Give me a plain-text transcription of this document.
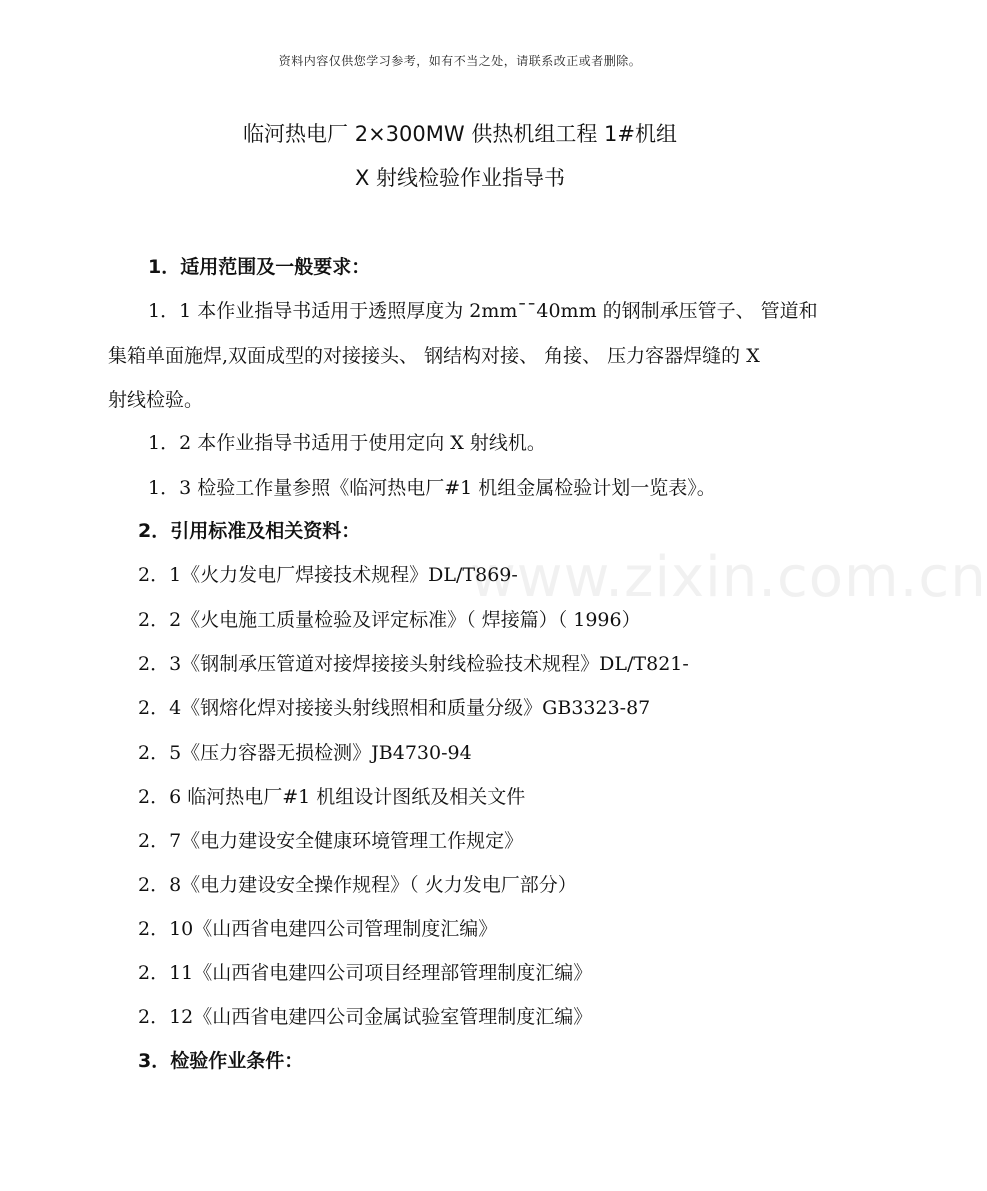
资料内容仅供您学习参考，如有不当之处，请联系改正或者删除。
临河热电厂 2×300MW 供热机组工程 1#机组
X 射线检验作业指导书
www.zixin.com.cn
1．适用范围及一般要求：
1．1 本作业指导书适用于透照厚度为 2mm¯¯40mm 的钢制承压管子、 管道和
集箱单面施焊,双面成型的对接接头、 钢结构对接、 角接、 压力容器焊缝的 X
射线检验。
1．2 本作业指导书适用于使用定向 X 射线机。
1．3 检验工作量参照《临河热电厂#1 机组金属检验计划一览表》。
2．引用标准及相关资料：
2．1《火力发电厂焊接技术规程》DL/T869-
2．2《火电施工质量检验及评定标准》（ 焊接篇）（ 1996）
2．3《钢制承压管道对接焊接接头射线检验技术规程》DL/T821-
2．4《钢熔化焊对接接头射线照相和质量分级》GB3323-87
2．5《压力容器无损检测》JB4730-94
2．6 临河热电厂#1 机组设计图纸及相关文件
2．7《电力建设安全健康环境管理工作规定》
2．8《电力建设安全操作规程》（ 火力发电厂部分）
2．10《山西省电建四公司管理制度汇编》
2．11《山西省电建四公司项目经理部管理制度汇编》
2．12《山西省电建四公司金属试验室管理制度汇编》
3．检验作业条件：
